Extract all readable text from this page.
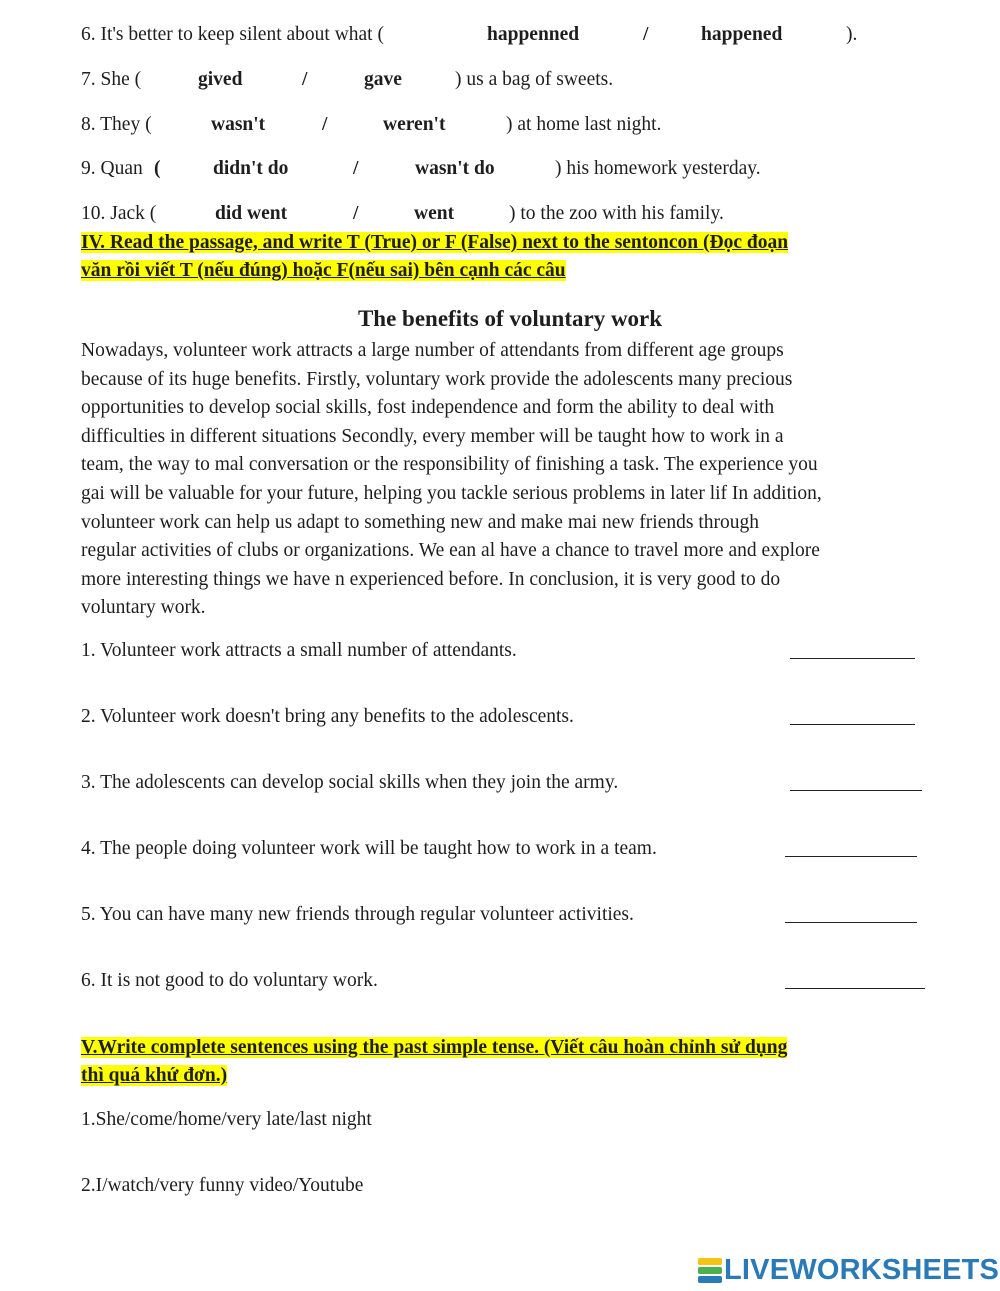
6. It's better to keep silent about what (	happenned	/	happened	).
7. She (	gived	/	gave	) us a bag of sweets.
8. They (	wasn't	/	weren't	) at home last night.
9. Quan (	didn't do	/	wasn't do	) his homework yesterday.
10. Jack (	did went	/	went	) to the zoo with his family.
IV. Read the passage, and write T (True) or F (False) next to the sentoncon (Đọc đoạn
văn rồi viết T (nếu đúng) hoặc F(nếu sai) bên cạnh các câu
The benefits of voluntary work
Nowadays, volunteer work attracts a large number of attendants from different age groups
because of its huge benefits. Firstly, voluntary work provide the adolescents many precious
opportunities to develop social skills, fost independence and form the ability to deal with
difficulties in different situations Secondly, every member will be taught how to work in a
team, the way to mal conversation or the responsibility of finishing a task. The experience you
gai will be valuable for your future, helping you tackle serious problems in later lif In addition,
volunteer work can help us adapt to something new and make mai new friends through
regular activities of clubs or organizations. We ean al have a chance to travel more and explore
more interesting things we have n experienced before. In conclusion, it is very good to do
voluntary work.
1. Volunteer work attracts a small number of attendants.
2. Volunteer work doesn't bring any benefits to the adolescents.
3. The adolescents can develop social skills when they join the army.
4. The people doing volunteer work will be taught how to work in a team.
5. You can have many new friends through regular volunteer activities.
6. It is not good to do voluntary work.
V.Write complete sentences using the past simple tense. (Viết câu hoàn chỉnh sử dụng
thì quá khứ đơn.)
1.She/come/home/very late/last night
2.I/watch/very funny video/Youtube
LIVEWORKSHEETS
